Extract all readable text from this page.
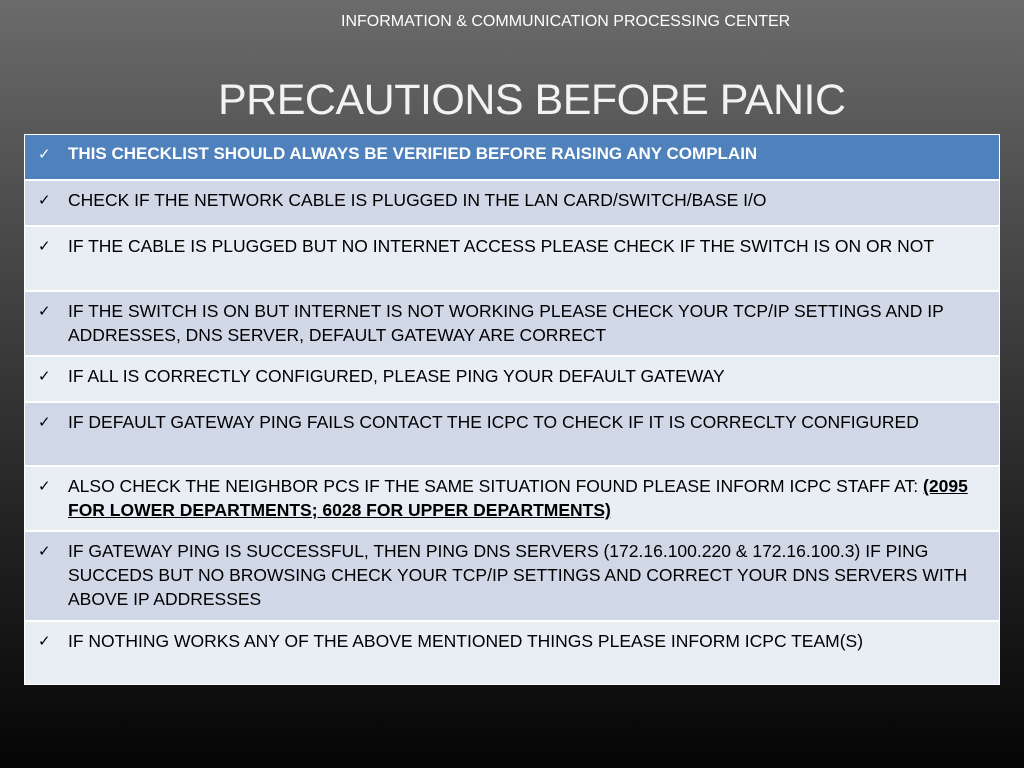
INFORMATION & COMMUNICATION PROCESSING CENTER
PRECAUTIONS BEFORE PANIC
✓ THIS CHECKLIST SHOULD ALWAYS BE VERIFIED BEFORE RAISING ANY COMPLAIN
✓ CHECK IF THE NETWORK CABLE IS PLUGGED IN THE LAN CARD/SWITCH/BASE I/O
✓ IF THE CABLE IS PLUGGED BUT NO INTERNET ACCESS PLEASE CHECK IF THE SWITCH IS ON OR NOT
✓ IF THE SWITCH IS ON BUT INTERNET IS NOT WORKING PLEASE CHECK YOUR TCP/IP SETTINGS AND IP ADDRESSES, DNS SERVER, DEFAULT GATEWAY ARE CORRECT
✓ IF ALL IS CORRECTLY CONFIGURED, PLEASE PING YOUR DEFAULT GATEWAY
✓ IF DEFAULT GATEWAY PING FAILS CONTACT THE ICPC TO CHECK IF IT IS CORRECLTY CONFIGURED
✓ ALSO CHECK THE NEIGHBOR PCS IF THE SAME SITUATION FOUND PLEASE INFORM ICPC STAFF AT: (2095 FOR LOWER DEPARTMENTS; 6028 FOR UPPER DEPARTMENTS)
✓ IF GATEWAY PING IS SUCCESSFUL, THEN PING DNS SERVERS (172.16.100.220 & 172.16.100.3) IF PING SUCCEDS BUT NO BROWSING CHECK YOUR TCP/IP SETTINGS AND CORRECT YOUR DNS SERVERS WITH ABOVE IP ADDRESSES
✓ IF NOTHING WORKS ANY OF THE ABOVE MENTIONED THINGS PLEASE INFORM ICPC TEAM(S)
